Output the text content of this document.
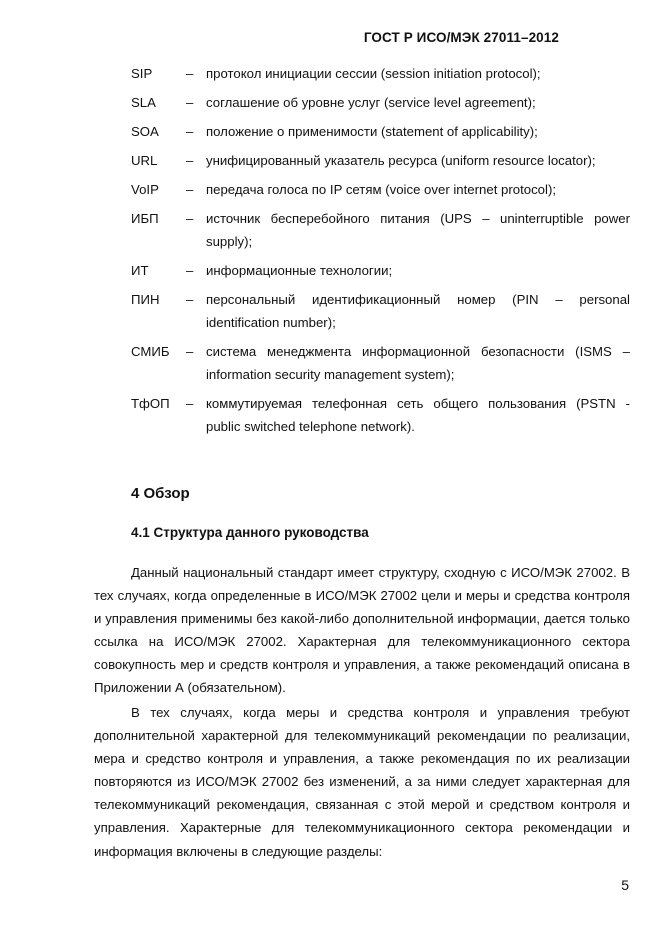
ГОСТ Р ИСО/МЭК 27011–2012
SIP	– протокол инициации сессии (session initiation protocol);
SLA – соглашение об уровне услуг (service level agreement);
SOA – положение о применимости (statement of applicability);
URL – унифицированный указатель ресурса (uniform resource locator);
VoIP – передача голоса по IP сетям (voice over internet protocol);
ИБП – источник бесперебойного питания (UPS – uninterruptible power supply);
ИТ	– информационные технологии;
ПИН – персональный идентификационный номер (PIN – personal identification number);
СМИБ – система менеджмента информационной безопасности (ISMS – information security management system);
ТфОП – коммутируемая телефонная сеть общего пользования (PSTN - public switched telephone network).
4 Обзор
4.1 Структура данного руководства

Данный национальный стандарт имеет структуру, сходную с ИСО/МЭК 27002. В тех случаях, когда определенные в ИСО/МЭК 27002 цели и меры и средства контроля и управления применимы без какой-либо дополнительной информации, дается только ссылка на ИСО/МЭК 27002. Характерная для телекоммуникационного сектора совокупность мер и средств контроля и управления, а также рекомендаций описана в Приложении А (обязательном).

В тех случаях, когда меры и средства контроля и управления требуют дополнительной характерной для телекоммуникаций рекомендации по реализации, мера и средство контроля и управления, а также рекомендация по их реализации повторяются из ИСО/МЭК 27002 без изменений, а за ними следует характерная для телекоммуникаций рекомендация, связанная с этой мерой и средством контроля и управления. Характерные для телекоммуникационного сектора рекомендации и информация включены в следующие разделы:

5
